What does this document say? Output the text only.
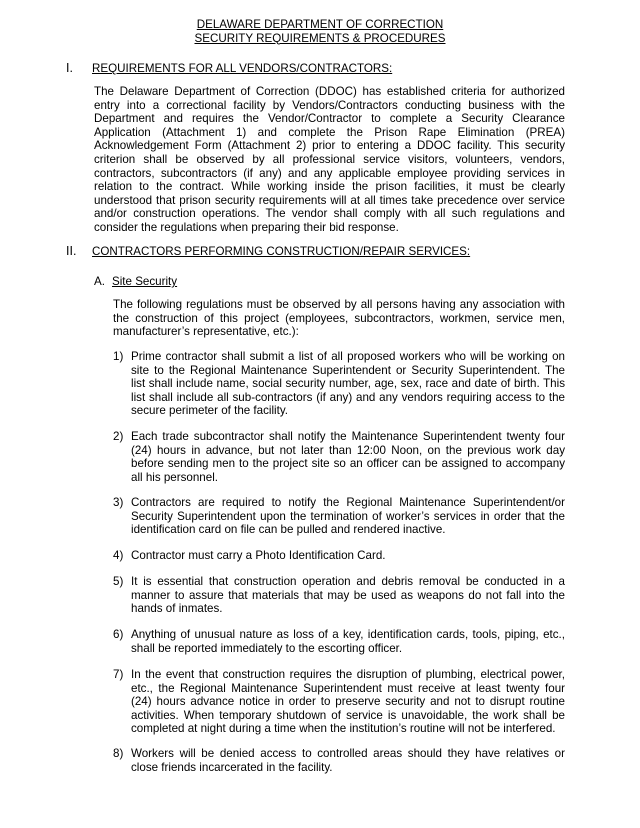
DELAWARE DEPARTMENT OF CORRECTION
SECURITY REQUIREMENTS & PROCEDURES
I. REQUIREMENTS FOR ALL VENDORS/CONTRACTORS:
The Delaware Department of Correction (DDOC) has established criteria for authorized entry into a correctional facility by Vendors/Contractors conducting business with the Department and requires the Vendor/Contractor to complete a Security Clearance Application (Attachment 1) and complete the Prison Rape Elimination (PREA) Acknowledgement Form (Attachment 2) prior to entering a DDOC facility. This security criterion shall be observed by all professional service visitors, volunteers, vendors, contractors, subcontractors (if any) and any applicable employee providing services in relation to the contract. While working inside the prison facilities, it must be clearly understood that prison security requirements will at all times take precedence over service and/or construction operations. The vendor shall comply with all such regulations and consider the regulations when preparing their bid response.
II. CONTRACTORS PERFORMING CONSTRUCTION/REPAIR SERVICES:
A. Site Security
The following regulations must be observed by all persons having any association with the construction of this project (employees, subcontractors, workmen, service men, manufacturer’s representative, etc.):
1) Prime contractor shall submit a list of all proposed workers who will be working on site to the Regional Maintenance Superintendent or Security Superintendent. The list shall include name, social security number, age, sex, race and date of birth. This list shall include all sub-contractors (if any) and any vendors requiring access to the secure perimeter of the facility.
2) Each trade subcontractor shall notify the Maintenance Superintendent twenty four (24) hours in advance, but not later than 12:00 Noon, on the previous work day before sending men to the project site so an officer can be assigned to accompany all his personnel.
3) Contractors are required to notify the Regional Maintenance Superintendent/or Security Superintendent upon the termination of worker’s services in order that the identification card on file can be pulled and rendered inactive.
4) Contractor must carry a Photo Identification Card.
5) It is essential that construction operation and debris removal be conducted in a manner to assure that materials that may be used as weapons do not fall into the hands of inmates.
6) Anything of unusual nature as loss of a key, identification cards, tools, piping, etc., shall be reported immediately to the escorting officer.
7) In the event that construction requires the disruption of plumbing, electrical power, etc., the Regional Maintenance Superintendent must receive at least twenty four (24) hours advance notice in order to preserve security and not to disrupt routine activities. When temporary shutdown of service is unavoidable, the work shall be completed at night during a time when the institution’s routine will not be interfered.
8) Workers will be denied access to controlled areas should they have relatives or close friends incarcerated in the facility.
